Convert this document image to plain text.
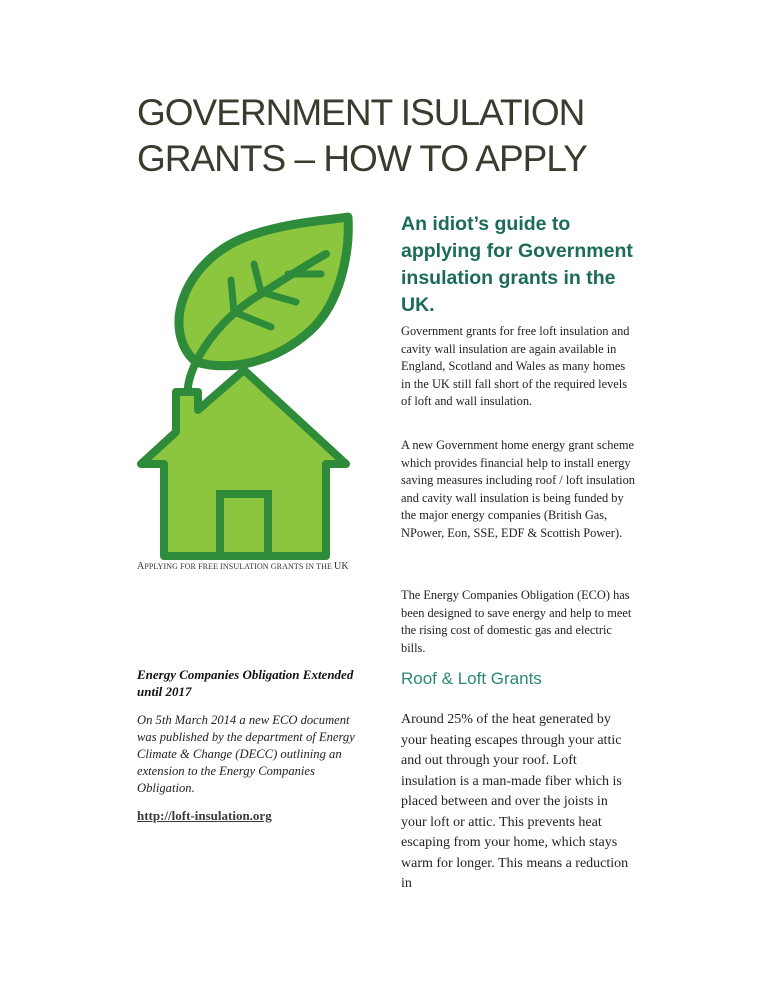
GOVERNMENT ISULATION
GRANTS – HOW TO APPLY
APPLYING FOR FREE INSULATION GRANTS IN THE UK
Energy Companies Obligation Extended until 2017

On 5th March 2014 a new ECO document was published by the department of Energy Climate & Change (DECC) outlining an extension to the Energy Companies Obligation.

http://loft-insulation.org
An idiot’s guide to applying for Government insulation grants in the UK.

Government grants for free loft insulation and cavity wall insulation are again available in England, Scotland and Wales as many homes in the UK still fall short of the required levels of loft and wall insulation.

A new Government home energy grant scheme which provides financial help to install energy saving measures including roof / loft insulation and cavity wall insulation is being funded by the major energy companies (British Gas, NPower, Eon, SSE, EDF & Scottish Power).

The Energy Companies Obligation (ECO) has been designed to save energy and help to meet the rising cost of domestic gas and electric bills.

Roof & Loft Grants

Around 25% of the heat generated by your heating escapes through your attic and out through your roof. Loft insulation is a man-made fiber which is placed between and over the joists in your loft or attic. This prevents heat escaping from your home, which stays warm for longer. This means a reduction in
